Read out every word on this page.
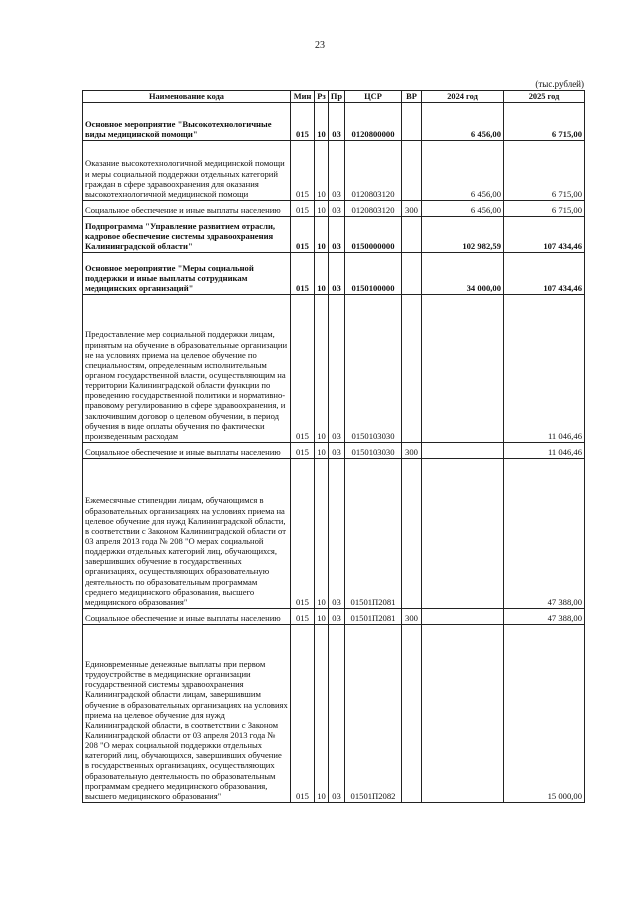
23
(тыс.рублей)
Наименование кода	Мин	Рз	Пр	ЦСР	ВР	2024 год	2025 год
Основное мероприятие "Высокотехнологичные виды медицинской помощи"	015	10	03	0120800000		6 456,00	6 715,00
Оказание высокотехнологичной медицинской помощи и меры социальной поддержки отдельных категорий граждан в сфере здравоохранения для оказания высокотехнологичной медицинской помощи	015	10	03	0120803120		6 456,00	6 715,00
Социальное обеспечение и иные выплаты населению	015	10	03	0120803120	300	6 456,00	6 715,00
Подпрограмма "Управление развитием отрасли, кадровое обеспечение системы здравоохранения Калининградской области"	015	10	03	0150000000		102 982,59	107 434,46
Основное мероприятие "Меры социальной поддержки и иные выплаты сотрудникам медицинских организаций"	015	10	03	0150100000		34 000,00	107 434,46
Предоставление мер социальной поддержки лицам, принятым на обучение в образовательные организации не на условиях приема на целевое обучение по специальностям, определенным исполнительным органом государственной власти, осуществляющим на территории Калининградской области функции по проведению государственной политики и нормативно-правовому регулированию в сфере здравоохранения, и заключившим договор о целевом обучении, в период обучения в виде оплаты обучения по фактически произведенным расходам	015	10	03	0150103030			11 046,46
Социальное обеспечение и иные выплаты населению	015	10	03	0150103030	300		11 046,46
Ежемесячные стипендии лицам, обучающимся в образовательных организациях на условиях приема на целевое обучение для нужд Калининградской области, в соответствии с Законом Калининградской области от 03 апреля 2013 года № 208 "О мерах социальной поддержки отдельных категорий лиц, обучающихся, завершивших обучение в государственных организациях, осуществляющих образовательную деятельность по образовательным программам среднего медицинского образования, высшего медицинского образования"	015	10	03	01501П2081			47 388,00
Социальное обеспечение и иные выплаты населению	015	10	03	01501П2081	300		47 388,00
Единовременные денежные выплаты при первом трудоустройстве в медицинские организации государственной системы здравоохранения Калининградской области лицам, завершившим обучение в образовательных организациях на условиях приема на целевое обучение для нужд Калининградской области, в соответствии с Законом Калининградской области от 03 апреля 2013 года № 208 "О мерах социальной поддержки отдельных категорий лиц, обучающихся, завершивших обучение в государственных организациях, осуществляющих образовательную деятельность по образовательным программам среднего медицинского образования, высшего медицинского образования"	015	10	03	01501П2082			15 000,00
